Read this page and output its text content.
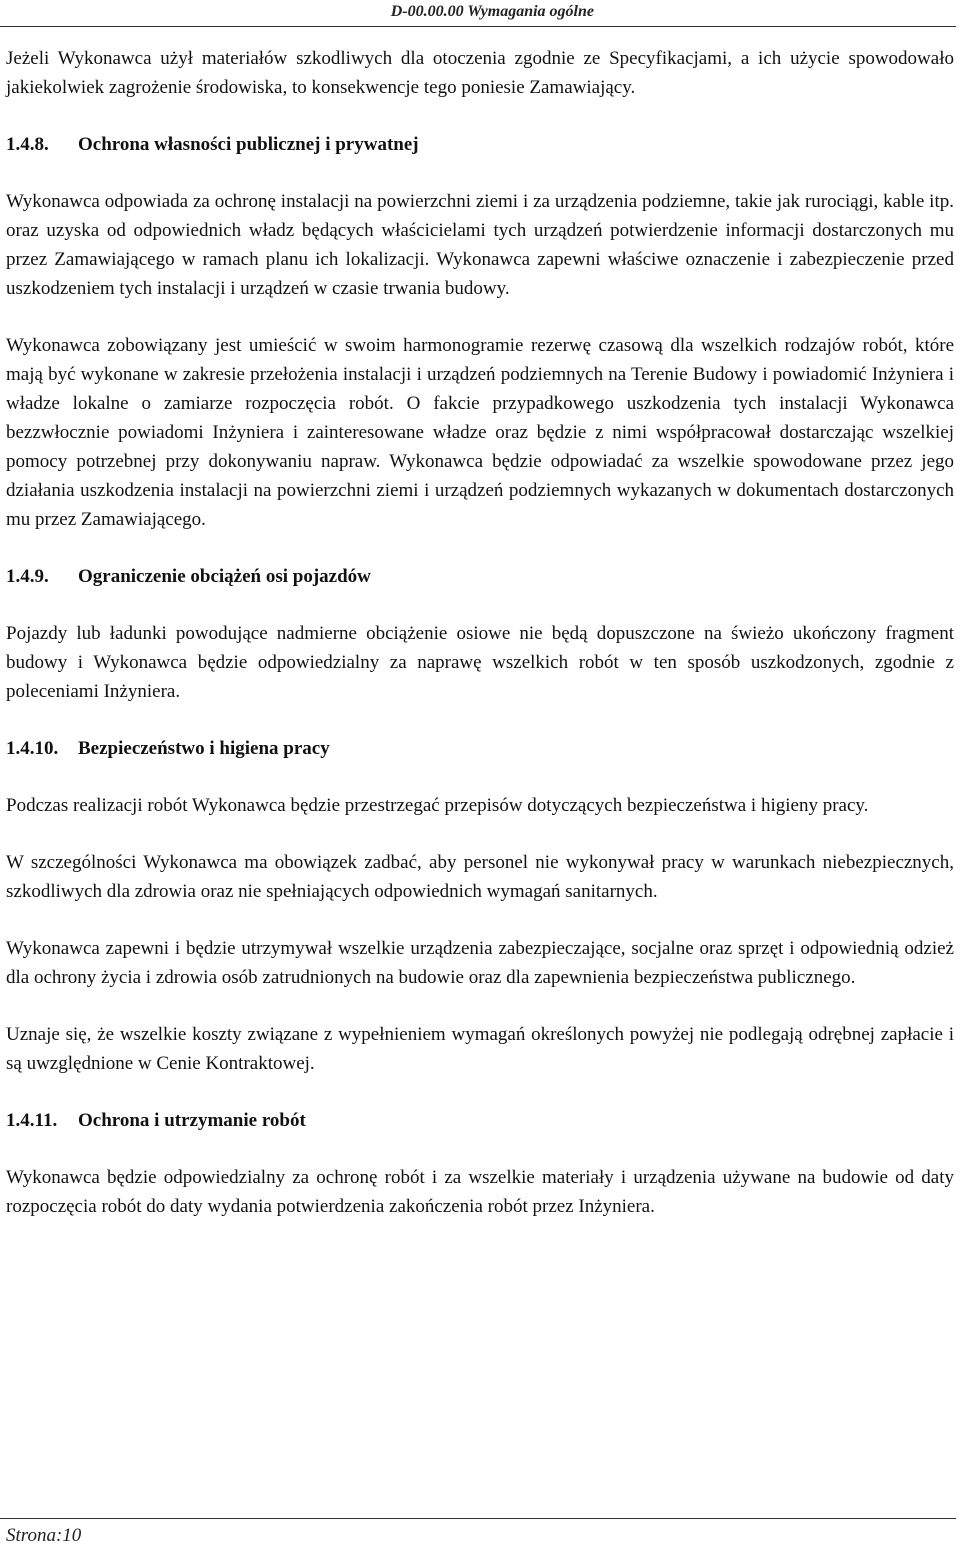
D-00.00.00 Wymagania ogólne

Jeżeli Wykonawca użył materiałów szkodliwych dla otoczenia zgodnie ze Specyfikacjami, a ich użycie spowodowało jakiekolwiek zagrożenie środowiska, to konsekwencje tego poniesie Zamawiający.

1.4.8. Ochrona własności publicznej i prywatnej

Wykonawca odpowiada za ochronę instalacji na powierzchni ziemi i za urządzenia podziemne, takie jak rurociągi, kable itp. oraz uzyska od odpowiednich władz będących właścicielami tych urządzeń potwierdzenie informacji dostarczonych mu przez Zamawiającego w ramach planu ich lokalizacji. Wykonawca zapewni właściwe oznaczenie i zabezpieczenie przed uszkodzeniem tych instalacji i urządzeń w czasie trwania budowy.

Wykonawca zobowiązany jest umieścić w swoim harmonogramie rezerwę czasową dla wszelkich rodzajów robót, które mają być wykonane w zakresie przełożenia instalacji i urządzeń podziemnych na Terenie Budowy i powiadomić Inżyniera i władze lokalne o zamiarze rozpoczęcia robót. O fakcie przypadkowego uszkodzenia tych instalacji Wykonawca bezzwłocznie powiadomi Inżyniera i zainteresowane władze oraz będzie z nimi współpracował dostarczając wszelkiej pomocy potrzebnej przy dokonywaniu napraw. Wykonawca będzie odpowiadać za wszelkie spowodowane przez jego działania uszkodzenia instalacji na powierzchni ziemi i urządzeń podziemnych wykazanych w dokumentach dostarczonych mu przez Zamawiającego.

1.4.9. Ograniczenie obciążeń osi pojazdów

Pojazdy lub ładunki powodujące nadmierne obciążenie osiowe nie będą dopuszczone na świeżo ukończony fragment budowy i Wykonawca będzie odpowiedzialny za naprawę wszelkich robót w ten sposób uszkodzonych, zgodnie z poleceniami Inżyniera.

1.4.10. Bezpieczeństwo i higiena pracy

Podczas realizacji robót Wykonawca będzie przestrzegać przepisów dotyczących bezpieczeństwa i higieny pracy.

W szczególności Wykonawca ma obowiązek zadbać, aby personel nie wykonywał pracy w warunkach niebezpiecznych, szkodliwych dla zdrowia oraz nie spełniających odpowiednich wymagań sanitarnych.

Wykonawca zapewni i będzie utrzymywał wszelkie urządzenia zabezpieczające, socjalne oraz sprzęt i odpowiednią odzież dla ochrony życia i zdrowia osób zatrudnionych na budowie oraz dla zapewnienia bezpieczeństwa publicznego.

Uznaje się, że wszelkie koszty związane z wypełnieniem wymagań określonych powyżej nie podlegają odrębnej zapłacie i są uwzględnione w Cenie Kontraktowej.

1.4.11. Ochrona i utrzymanie robót

Wykonawca będzie odpowiedzialny za ochronę robót i za wszelkie materiały i urządzenia używane na budowie od daty rozpoczęcia robót do daty wydania potwierdzenia zakończenia robót przez Inżyniera.

Strona:10
